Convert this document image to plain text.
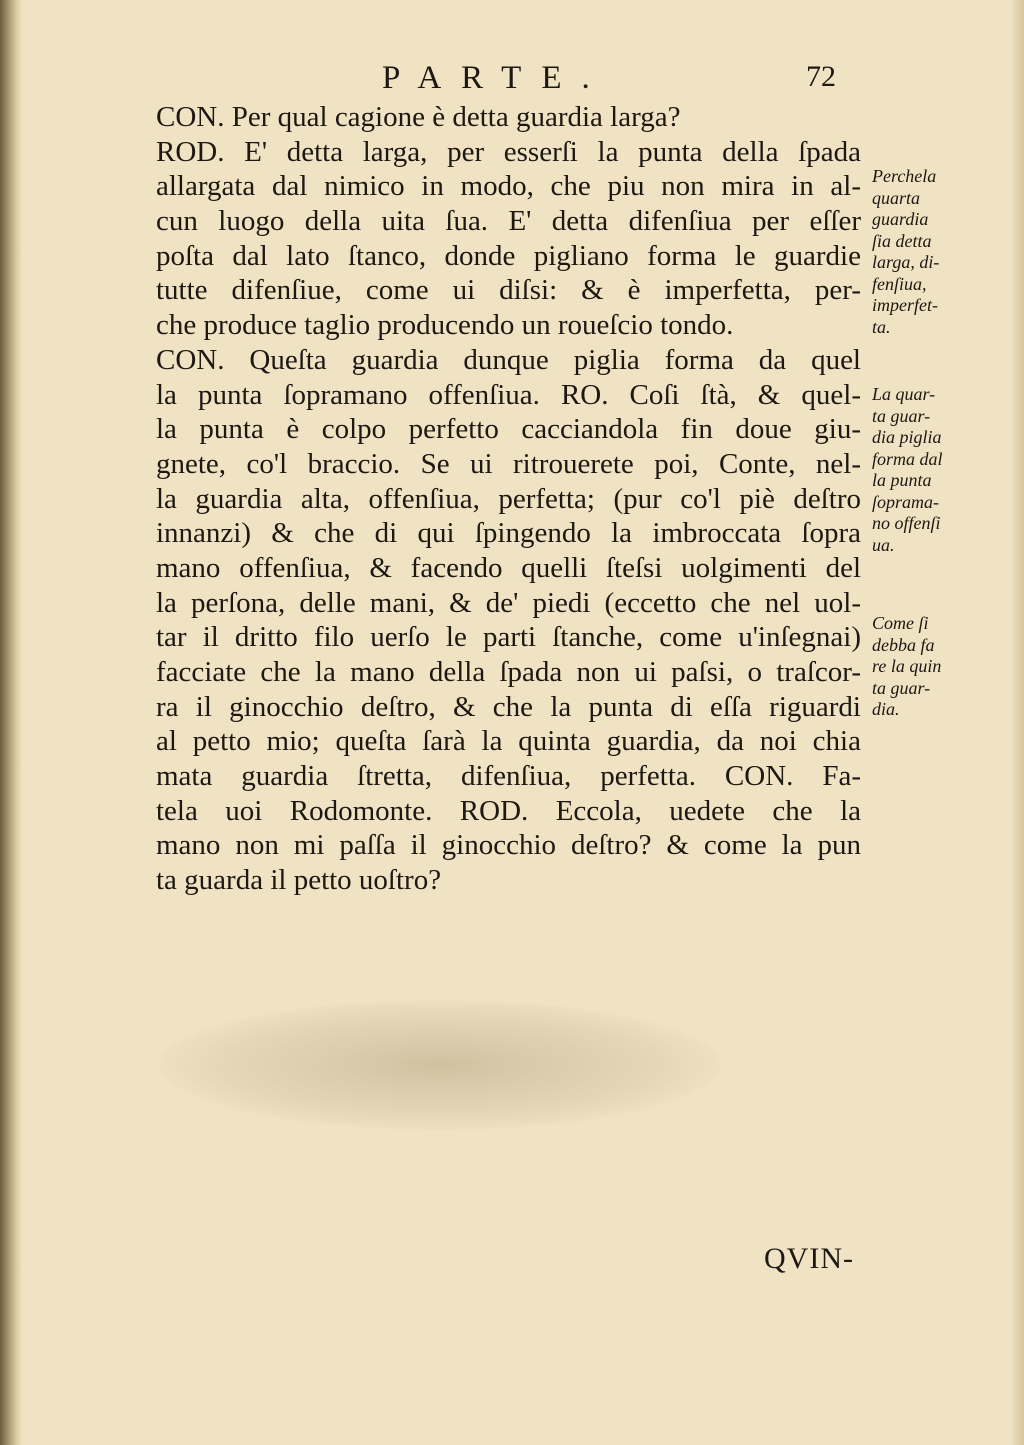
PARTE.	72
CON. Per qual cagione è detta guardia larga?
ROD. E' detta larga, per esserſi la punta della ſpada
allargata dal nimico in modo, che piu non mira in al-
cun luogo della uita ſua. E' detta difenſiua per eſſer
poſta dal lato ſtanco, donde pigliano forma le guardie
tutte difenſiue, come ui diſsi: & è imperfetta, per-
che produce taglio producendo un roueſcio tondo.
CON. Queſta guardia dunque piglia forma da quel
la punta ſopramano offenſiua. RO. Coſi ſtà, & quel-
la punta è colpo perfetto cacciandola fin doue giu-
gnete, co'l braccio. Se ui ritrouerete poi, Conte, nel-
la guardia alta, offenſiua, perfetta; (pur co'l piè deſtro
innanzi) & che di qui ſpingendo la imbroccata ſopra
mano offenſiua, & facendo quelli ſteſsi uolgimenti del
la perſona, delle mani, & de' piedi (eccetto che nel uol-
tar il dritto filo uerſo le parti ſtanche, come u'inſegnai)
facciate che la mano della ſpada non ui paſsi, o traſcor-
ra il ginocchio deſtro, & che la punta di eſſa riguardi
al petto mio; queſta ſarà la quinta guardia, da noi chia
mata guardia ſtretta, difenſiua, perfetta. CON. Fa-
tela uoi Rodomonte. ROD. Eccola, uedete che la
mano non mi paſſa il ginocchio deſtro? & come la pun
ta guarda il petto uoſtro?
Perchela
quarta
guardia
ſia detta
larga, di-
fenſiua,
imperfet-
ta.
La quar-
ta guar-
dia piglia
forma dal
la punta
ſoprama-
no offenſi
ua.
Come ſi
debba fa
re la quin
ta guar-
dia.
QVIN-
